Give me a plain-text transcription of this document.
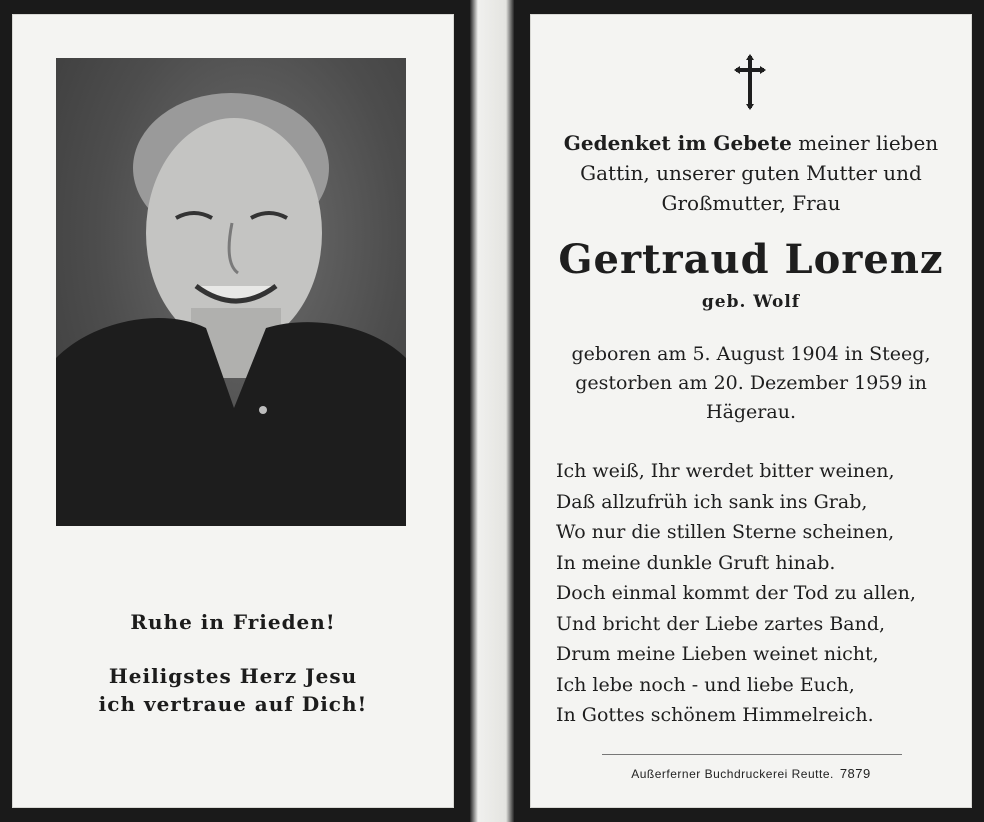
Ruhe in Frieden!
Heiligstes Herz Jesu
ich vertraue auf Dich!
Gedenket im Gebete meiner lieben
Gattin, unserer guten Mutter und
Großmutter, Frau
Gertraud Lorenz
geb. Wolf
geboren am 5. August 1904 in Steeg,
gestorben am 20. Dezember 1959 in
Hägerau.
Ich weiß, Ihr werdet bitter weinen,
Daß allzufrüh ich sank ins Grab,
Wo nur die stillen Sterne scheinen,
In meine dunkle Gruft hinab.
Doch einmal kommt der Tod zu allen,
Und bricht der Liebe zartes Band,
Drum meine Lieben weinet nicht,
Ich lebe noch - und liebe Euch,
In Gottes schönem Himmelreich.
Außerferner Buchdruckerei Reutte. 7879
